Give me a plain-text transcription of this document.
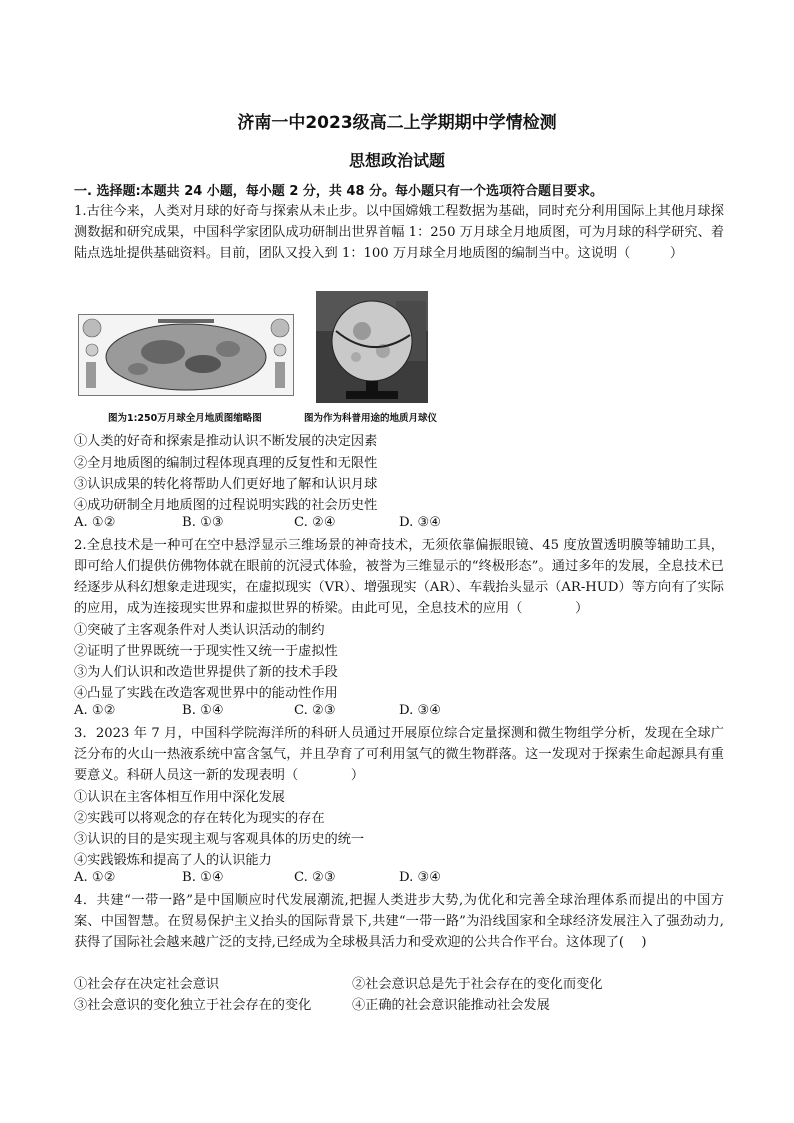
济南一中2023级高二上学期期中学情检测
思想政治试题
一. 选择题:本题共 24 小题，每小题 2 分，共 48 分。每小题只有一个选项符合题目要求。
1.古往今来，人类对月球的好奇与探索从未止步。以中国嫦娥工程数据为基础，同时充分利用国际上其他月球探测数据和研究成果，中国科学家团队成功研制出世界首幅 1：250 万月球全月地质图，可为月球的科学研究、着陆点选址提供基础资料。目前，团队又投入到 1：100 万月球全月地质图的编制当中。这说明（　　　）
图为1:250万月球全月地质图缩略图	图为作为科普用途的地质月球仪
①人类的好奇和探索是推动认识不断发展的决定因素
②全月地质图的编制过程体现真理的反复性和无限性
③认识成果的转化将帮助人们更好地了解和认识月球
④成功研制全月地质图的过程说明实践的社会历史性
A. ①②	B. ①③	C. ②④	D. ③④
2.全息技术是一种可在空中悬浮显示三维场景的神奇技术，无须依靠偏振眼镜、45 度放置透明膜等辅助工具，即可给人们提供仿佛物体就在眼前的沉浸式体验，被誉为三维显示的“终极形态”。通过多年的发展，全息技术已经逐步从科幻想象走进现实，在虚拟现实（VR）、增强现实（AR）、车载抬头显示（AR-HUD）等方向有了实际的应用，成为连接现实世界和虚拟世界的桥梁。由此可见，全息技术的应用（　　　　）
①突破了主客观条件对人类认识活动的制约
②证明了世界既统一于现实性又统一于虚拟性
③为人们认识和改造世界提供了新的技术手段
④凸显了实践在改造客观世界中的能动性作用
A. ①②	B. ①④	C. ②③	D. ③④
3．2023 年 7 月，中国科学院海洋所的科研人员通过开展原位综合定量探测和微生物组学分析，发现在全球广泛分布的火山一热液系统中富含氢气，并且孕育了可利用氢气的微生物群落。这一发现对于探索生命起源具有重要意义。科研人员这一新的发现表明（　　　　）
①认识在主客体相互作用中深化发展
②实践可以将观念的存在转化为现实的存在
③认识的目的是实现主观与客观具体的历史的统一
④实践锻炼和提高了人的认识能力
A. ①②	B. ①④	C. ②③	D. ③④
4．共建“一带一路”是中国顺应时代发展潮流,把握人类进步大势,为优化和完善全球治理体系而提出的中国方案、中国智慧。在贸易保护主义抬头的国际背景下,共建“一带一路”为沿线国家和全球经济发展注入了强劲动力,获得了国际社会越来越广泛的支持,已经成为全球极具活力和受欢迎的公共合作平台。这体现了(　 )
①社会存在决定社会意识	②社会意识总是先于社会存在的变化而变化
③社会意识的变化独立于社会存在的变化	④正确的社会意识能推动社会发展
